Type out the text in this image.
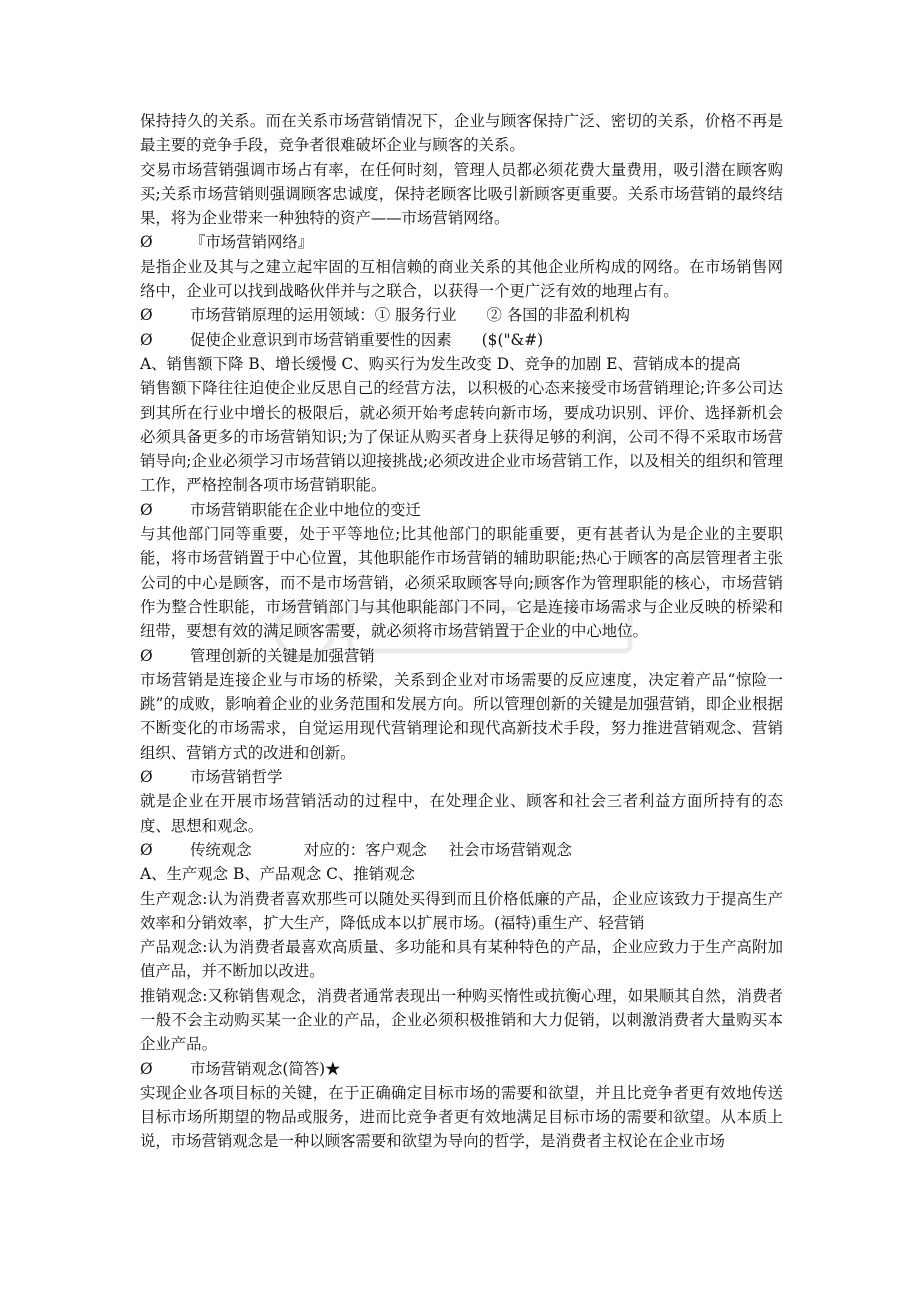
保持持久的关系。而在关系市场营销情况下，企业与顾客保持广泛、密切的关系，价格不再是最主要的竞争手段，竞争者很难破坏企业与顾客的关系。

交易市场营销强调市场占有率，在任何时刻，管理人员都必须花费大量费用，吸引潜在顾客购买;关系市场营销则强调顾客忠诚度，保持老顾客比吸引新顾客更重要。关系市场营销的最终结果，将为企业带来一种独特的资产——市场营销网络。

Ø	『市场营销网络』

是指企业及其与之建立起牢固的互相信赖的商业关系的其他企业所构成的网络。在市场销售网络中，企业可以找到战略伙伴并与之联合，以获得一个更广泛有效的地理占有。

Ø	市场营销原理的运用领域：① 服务行业 ② 各国的非盈利机构
Ø	促使企业意识到市场营销重要性的因素 ($("&#)

A、销售额下降 B、增长缓慢 C、购买行为发生改变 D、竞争的加剧 E、营销成本的提高

销售额下降往往迫使企业反思自己的经营方法，以积极的心态来接受市场营销理论;许多公司达到其所在行业中增长的极限后，就必须开始考虑转向新市场，要成功识别、评价、选择新机会必须具备更多的市场营销知识;为了保证从购买者身上获得足够的利润，公司不得不采取市场营销导向;企业必须学习市场营销以迎接挑战;必须改进企业市场营销工作，以及相关的组织和管理工作，严格控制各项市场营销职能。

Ø	市场营销职能在企业中地位的变迁

与其他部门同等重要，处于平等地位;比其他部门的职能重要，更有甚者认为是企业的主要职能，将市场营销置于中心位置，其他职能作市场营销的辅助职能;热心于顾客的高层管理者主张公司的中心是顾客，而不是市场营销，必须采取顾客导向;顾客作为管理职能的核心，市场营销作为整合性职能，市场营销部门与其他职能部门不同，它是连接市场需求与企业反映的桥梁和纽带，要想有效的满足顾客需要，就必须将市场营销置于企业的中心地位。

Ø	管理创新的关键是加强营销

市场营销是连接企业与市场的桥梁，关系到企业对市场需要的反应速度，决定着产品“惊险一跳”的成败，影响着企业的业务范围和发展方向。所以管理创新的关键是加强营销，即企业根据不断变化的市场需求，自觉运用现代营销理论和现代高新技术手段，努力推进营销观念、营销组织、营销方式的改进和创新。

Ø	市场营销哲学

就是企业在开展市场营销活动的过程中，在处理企业、顾客和社会三者利益方面所持有的态度、思想和观念。

Ø	传统观念	对应的：客户观念 社会市场营销观念

A、生产观念 B、产品观念 C、推销观念

生产观念:认为消费者喜欢那些可以随处买得到而且价格低廉的产品，企业应该致力于提高生产效率和分销效率，扩大生产，降低成本以扩展市场。(福特)重生产、轻营销

产品观念:认为消费者最喜欢高质量、多功能和具有某种特色的产品，企业应致力于生产高附加值产品，并不断加以改进。

推销观念:又称销售观念，消费者通常表现出一种购买惰性或抗衡心理，如果顺其自然，消费者一般不会主动购买某一企业的产品，企业必须积极推销和大力促销，以刺激消费者大量购买本企业产品。

Ø	市场营销观念(简答)★

实现企业各项目标的关键，在于正确确定目标市场的需要和欲望，并且比竞争者更有效地传送目标市场所期望的物品或服务，进而比竞争者更有效地满足目标市场的需要和欲望。从本质上说，市场营销观念是一种以顾客需要和欲望为导向的哲学，是消费者主权论在企业市场
